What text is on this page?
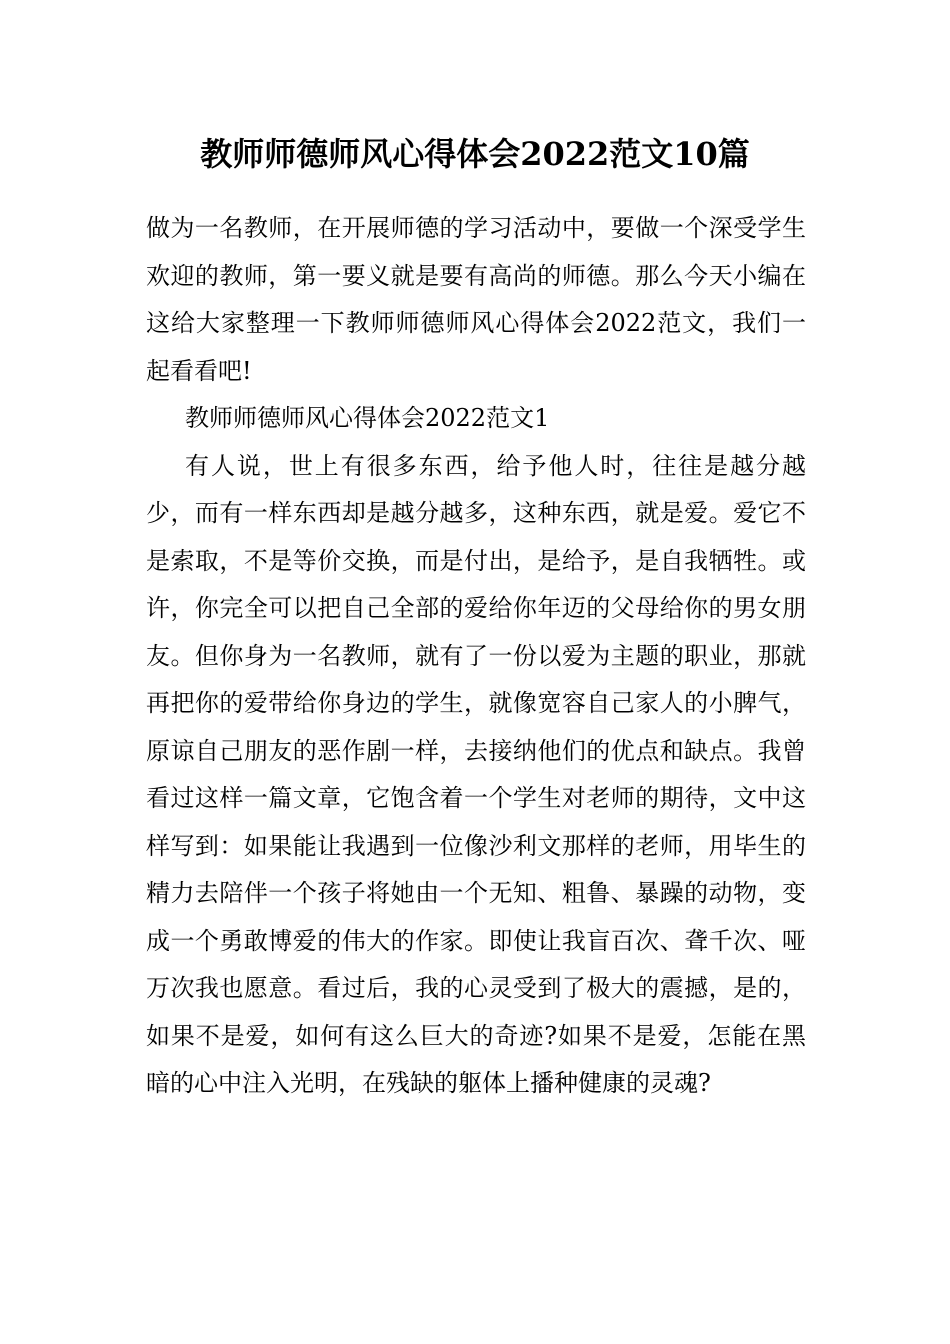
教师师德师风心得体会2022范文10篇

做为一名教师，在开展师德的学习活动中，要做一个深受学生欢迎的教师，第一要义就是要有高尚的师德。那么今天小编在这给大家整理一下教师师德师风心得体会2022范文，我们一起看看吧!

教师师德师风心得体会2022范文1

有人说，世上有很多东西，给予他人时，往往是越分越少，而有一样东西却是越分越多，这种东西，就是爱。爱它不是索取，不是等价交换，而是付出，是给予，是自我牺牲。或许，你完全可以把自己全部的爱给你年迈的父母给你的男女朋友。但你身为一名教师，就有了一份以爱为主题的职业，那就再把你的爱带给你身边的学生，就像宽容自己家人的小脾气，原谅自己朋友的恶作剧一样，去接纳他们的优点和缺点。我曾看过这样一篇文章，它饱含着一个学生对老师的期待，文中这样写到：如果能让我遇到一位像沙利文那样的老师，用毕生的精力去陪伴一个孩子将她由一个无知、粗鲁、暴躁的动物，变成一个勇敢博爱的伟大的作家。即使让我盲百次、聋千次、哑万次我也愿意。看过后，我的心灵受到了极大的震撼，是的，如果不是爱，如何有这么巨大的奇迹?如果不是爱，怎能在黑暗的心中注入光明，在残缺的躯体上播种健康的灵魂?
